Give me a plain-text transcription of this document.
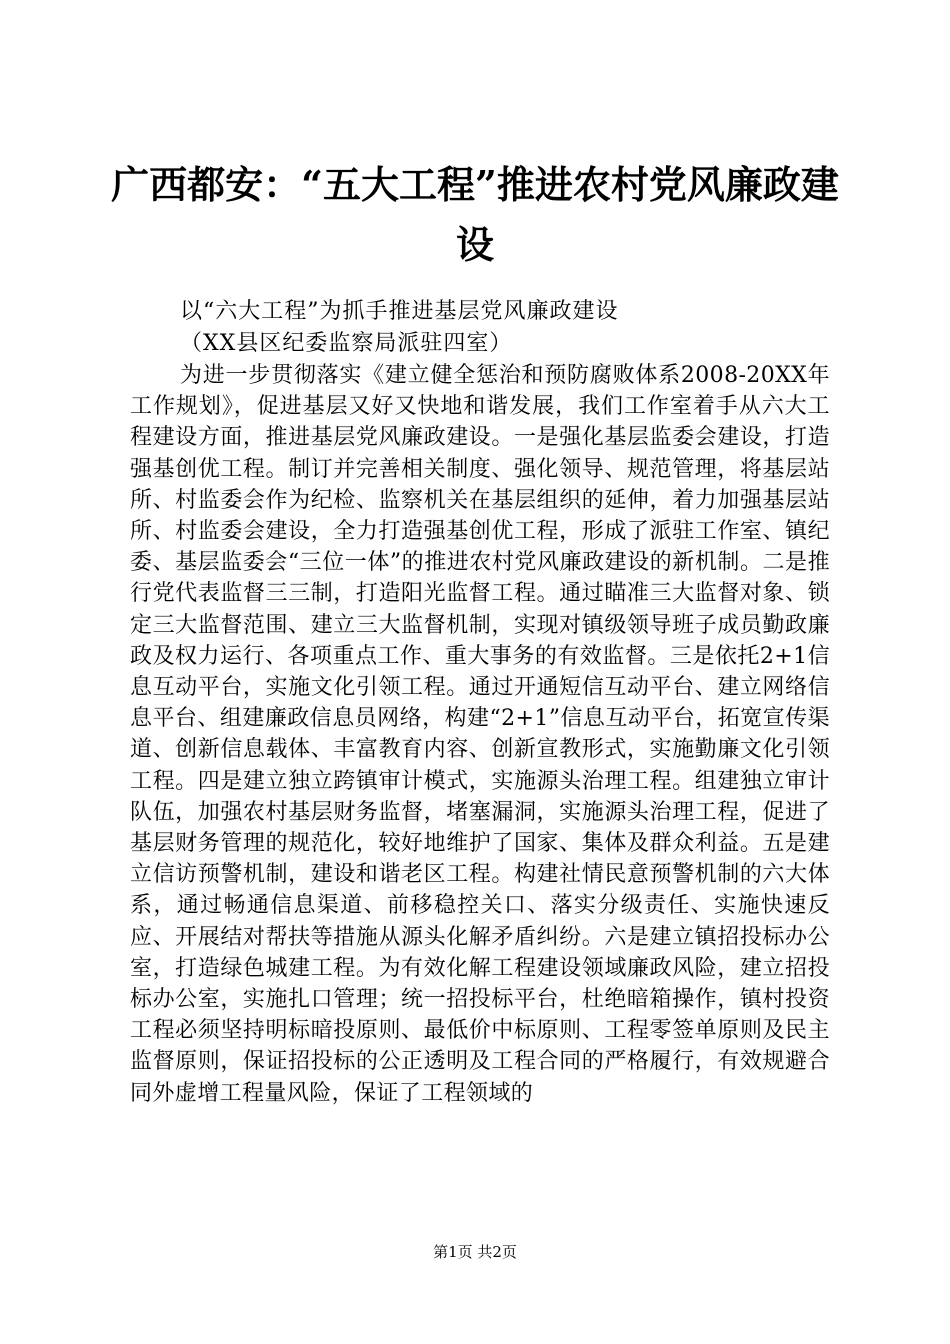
广西都安：“五大工程”推进农村党风廉政建
设

以“六大工程”为抓手推进基层党风廉政建设

（XX县区纪委监察局派驻四室）

为进一步贯彻落实《建立健全惩治和预防腐败体系2008-20XX年工作规划》，促进基层又好又快地和谐发展，我们工作室着手从六大工程建设方面，推进基层党风廉政建设。一是强化基层监委会建设，打造强基创优工程。制订并完善相关制度、强化领导、规范管理，将基层站所、村监委会作为纪检、监察机关在基层组织的延伸，着力加强基层站所、村监委会建设，全力打造强基创优工程，形成了派驻工作室、镇纪委、基层监委会“三位一体”的推进农村党风廉政建设的新机制。二是推行党代表监督三三制，打造阳光监督工程。通过瞄准三大监督对象、锁定三大监督范围、建立三大监督机制，实现对镇级领导班子成员勤政廉政及权力运行、各项重点工作、重大事务的有效监督。三是依托2+1信息互动平台，实施文化引领工程。通过开通短信互动平台、建立网络信息平台、组建廉政信息员网络，构建“2+1”信息互动平台，拓宽宣传渠道、创新信息载体、丰富教育内容、创新宣教形式，实施勤廉文化引领工程。四是建立独立跨镇审计模式，实施源头治理工程。组建独立审计队伍，加强农村基层财务监督，堵塞漏洞，实施源头治理工程，促进了基层财务管理的规范化，较好地维护了国家、集体及群众利益。五是建立信访预警机制，建设和谐老区工程。构建社情民意预警机制的六大体系，通过畅通信息渠道、前移稳控关口、落实分级责任、实施快速反应、开展结对帮扶等措施从源头化解矛盾纠纷。六是建立镇招投标办公室，打造绿色城建工程。为有效化解工程建设领域廉政风险，建立招投标办公室，实施扎口管理；统一招投标平台，杜绝暗箱操作，镇村投资工程必须坚持明标暗投原则、最低价中标原则、工程零签单原则及民主监督原则，保证招投标的公正透明及工程合同的严格履行，有效规避合同外虚增工程量风险，保证了工程领域的

第1页 共2页
